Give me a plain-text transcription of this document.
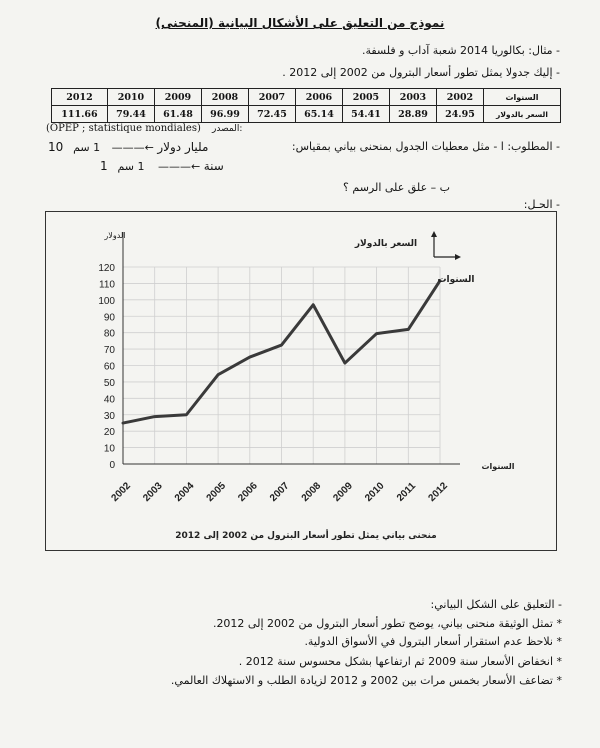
نموذج من التعليق على الأشكال البيانية (المنحنى)
- مثال: بكالوريا 2014 شعبة آداب و فلسفة.
- إليك جدولا يمثل تطور أسعار البترول من 2002 إلى 2012 .
2012	2010	2009	2008	2007	2006	2005	2003	2002	السنوات
111.66	79.44	61.48	96.99	72.45	65.14	54.41	28.89	24.95	السعر بالدولار
(OPEP ; statistique mondiales) المصدر:
- المطلوب: ا - مثل معطيات الجدول بمنحنى بياني بمقياس:
10 مليار دولار ←——— 1 سم
1 سنة ←——— 1 سم
ب – علق على الرسم ؟
- الحـل:
0
10
20
30
40
50
60
70
80
90
100
110
120
2002 2003 2004 2005 2006 2007 2008 2009 2010 2011 2012
الدولار
السنوات
السعر بالدولار
السنوات
منحنى بياني يمثل تطور أسعار البترول من 2002 إلى 2012
- التعليق على الشكل البياني:
* تمثل الوثيقة منحنى بياني، يوضح تطور أسعار البترول من 2002 إلى 2012.
* نلاحظ عدم استقرار أسعار البترول في الأسواق الدولية.
* انخفاض الأسعار سنة 2009 ثم ارتفاعها بشكل محسوس سنة 2012 .
* تضاعف الأسعار بخمس مرات بين 2002 و 2012 لزيادة الطلب و الاستهلاك العالمي.
